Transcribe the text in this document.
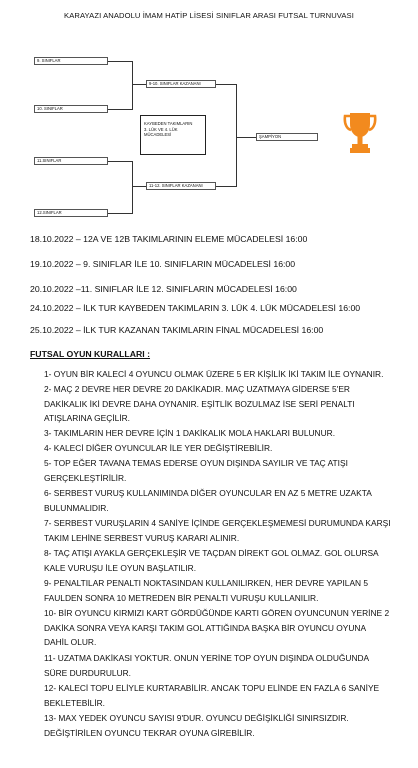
KARAYAZI ANADOLU İMAM HATİP LİSESİ SINIFLAR ARASI FUTSAL TURNUVASI
9. SINIFLAR
10. SINIFLAR
11.SINIFLAR
12.SINIFLAR
9-10. SINIFLAR KAZANANI
11-12. SINIFLAR KAZANANI
ŞAMPİYON
KAYBEDEN TAKIMLARIN
3. LÜK VE 4. LÜK
MÜCADELESİ
18.10.2022 – 12A VE 12B TAKIMLARININ ELEME MÜCADELESİ 16:00
19.10.2022 – 9. SINIFLAR İLE 10. SINIFLARIN MÜCADELESİ 16:00
20.10.2022 –11. SINIFLAR İLE 12. SINIFLARIN MÜCADELESİ 16:00
24.10.2022 – İLK TUR KAYBEDEN TAKIMLARIN 3. LÜK 4. LÜK MÜCADELESİ 16:00
25.10.2022 – İLK TUR KAZANAN TAKIMLARIN FİNAL MÜCADELESİ 16:00
FUTSAL OYUN KURALLARI :
1- OYUN BİR KALECİ 4 OYUNCU OLMAK ÜZERE 5 ER KİŞİLİK İKİ TAKIM İLE OYNANIR.
2- MAÇ 2 DEVRE HER DEVRE 20 DAKİKADIR. MAÇ UZATMAYA GİDERSE 5'ER
DAKİKALIK İKİ DEVRE DAHA OYNANIR. EŞİTLİK BOZULMAZ İSE SERİ PENALTI
ATIŞLARINA GEÇİLİR.
3- TAKIMLARIN HER DEVRE İÇİN 1 DAKİKALIK MOLA HAKLARI BULUNUR.
4- KALECİ DİĞER OYUNCULAR İLE YER DEĞİŞTİREBİLİR.
5- TOP EĞER TAVANA TEMAS EDERSE OYUN DIŞINDA SAYILIR VE TAÇ ATIŞI
GERÇEKLEŞTİRİLİR.
6- SERBEST VURUŞ KULLANIMINDA DİĞER OYUNCULAR EN AZ 5 METRE UZAKTA
BULUNMALIDIR.
7- SERBEST VURUŞLARIN 4 SANİYE İÇİNDE GERÇEKLEŞMEMESİ DURUMUNDA KARŞI
TAKIM LEHİNE SERBEST VURUŞ KARARI ALINIR.
8- TAÇ ATIŞI AYAKLA GERÇEKLEŞİR VE TAÇDAN DİREKT GOL OLMAZ. GOL OLURSA
KALE VURUŞU İLE OYUN BAŞLATILIR.
9- PENALTILAR PENALTI NOKTASINDAN KULLANILIRKEN, HER DEVRE YAPILAN 5
FAULDEN SONRA 10 METREDEN BİR PENALTI VURUŞU KULLANILIR.
10- BİR OYUNCU KIRMIZI KART GÖRDÜĞÜNDE KARTI GÖREN OYUNCUNUN YERİNE 2
DAKİKA SONRA VEYA KARŞI TAKIM GOL ATTIĞINDA BAŞKA BİR OYUNCU OYUNA
DAHİL OLUR.
11- UZATMA DAKİKASI YOKTUR. ONUN YERİNE TOP OYUN DIŞINDA OLDUĞUNDA
SÜRE DURDURULUR.
12- KALECİ TOPU ELİYLE KURTARABİLİR. ANCAK TOPU ELİNDE EN FAZLA 6 SANİYE
BEKLETEBİLİR.
13- MAX YEDEK OYUNCU SAYISI 9'DUR. OYUNCU DEĞİŞİKLİĞİ SINIRSIZDIR.
DEĞİŞTİRİLEN OYUNCU TEKRAR OYUNA GİREBİLİR.
